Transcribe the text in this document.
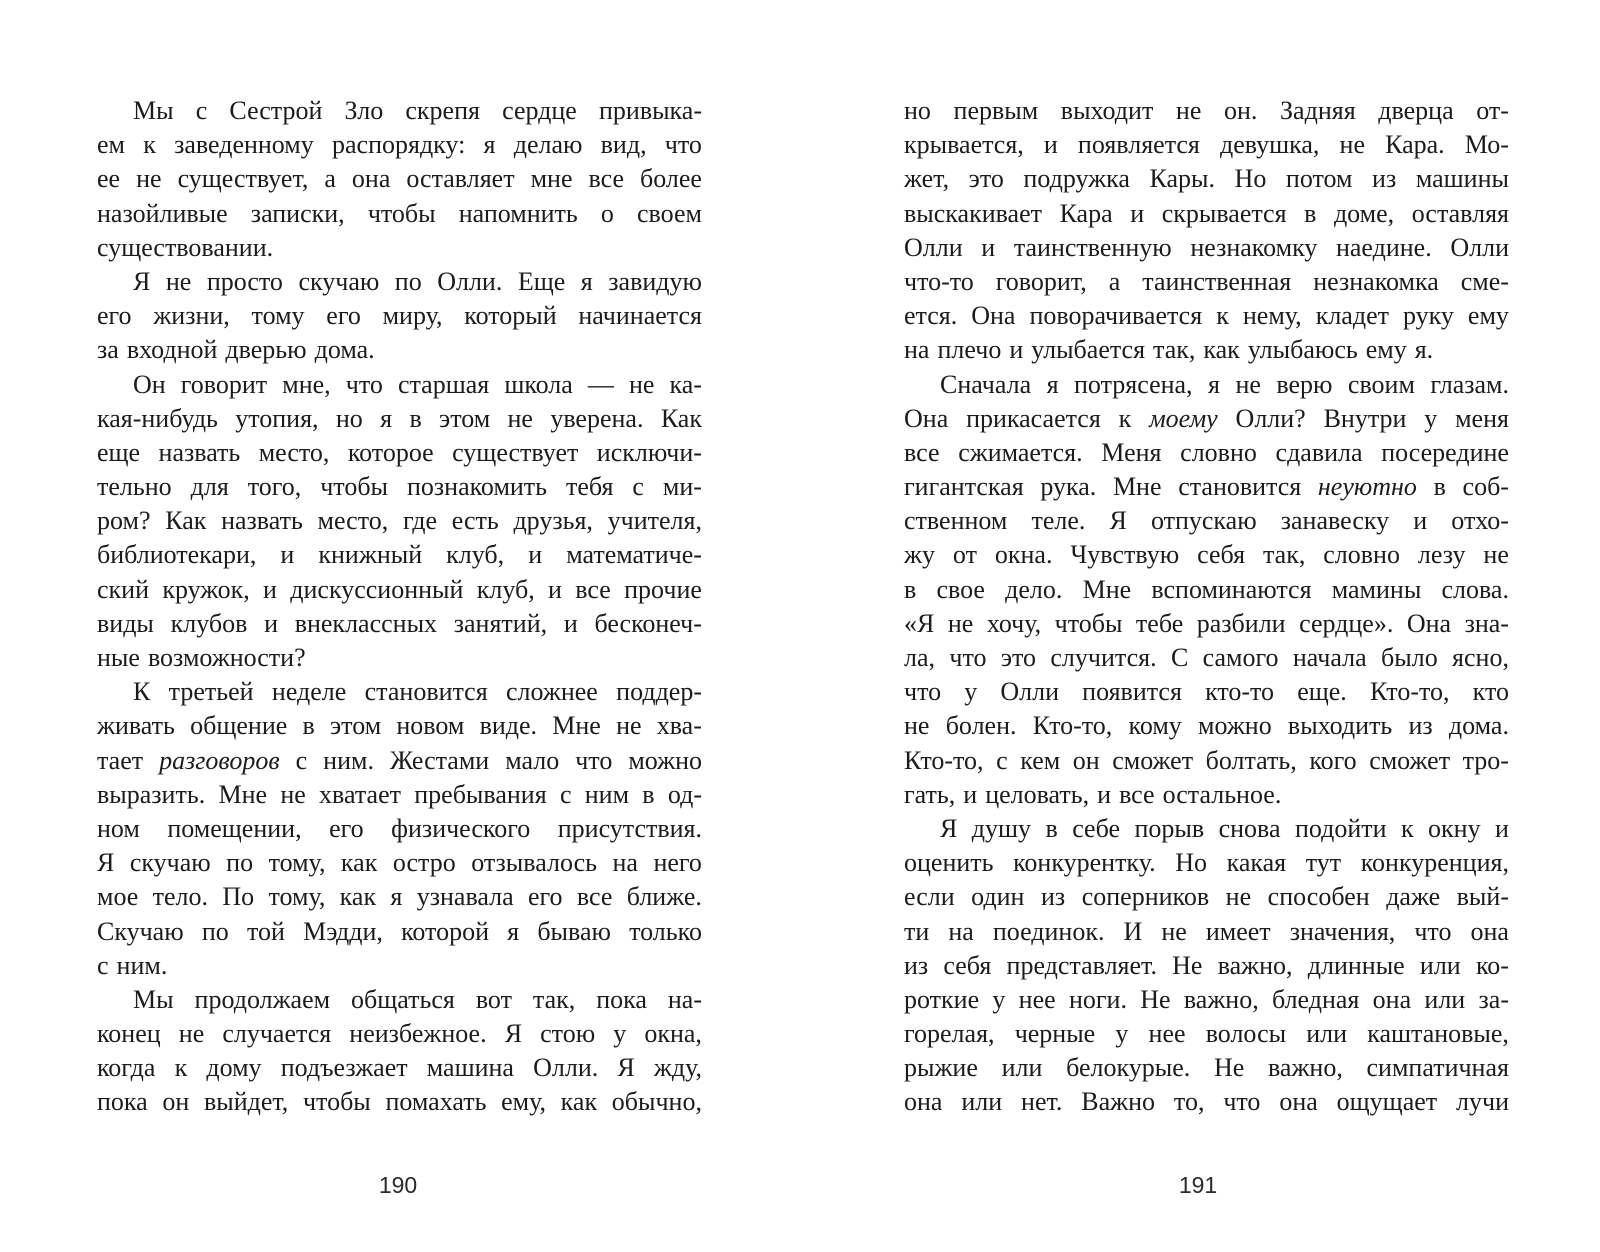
Мы с Сестрой Зло скрепя сердце привыка-
ем к заведенному распорядку: я делаю вид, что
ее не существует, а она оставляет мне все более
назойливые записки, чтобы напомнить о своем
существовании.
Я не просто скучаю по Олли. Еще я завидую
его жизни, тому его миру, который начинается
за входной дверью дома.
Он говорит мне, что старшая школа — не ка-
кая-нибудь утопия, но я в этом не уверена. Как
еще назвать место, которое существует исключи-
тельно для того, чтобы познакомить тебя с ми-
ром? Как назвать место, где есть друзья, учителя,
библиотекари, и книжный клуб, и математиче-
ский кружок, и дискуссионный клуб, и все прочие
виды клубов и внеклассных занятий, и бесконеч-
ные возможности?
К третьей неделе становится сложнее поддер-
живать общение в этом новом виде. Мне не хва-
тает разговоров с ним. Жестами мало что можно
выразить. Мне не хватает пребывания с ним в од-
ном помещении, его физического присутствия.
Я скучаю по тому, как остро отзывалось на него
мое тело. По тому, как я узнавала его все ближе.
Скучаю по той Мэдди, которой я бываю только
с ним.
Мы продолжаем общаться вот так, пока на-
конец не случается неизбежное. Я стою у окна,
когда к дому подъезжает машина Олли. Я жду,
пока он выйдет, чтобы помахать ему, как обычно,
190
но первым выходит не он. Задняя дверца от-
крывается, и появляется девушка, не Кара. Мо-
жет, это подружка Кары. Но потом из машины
выскакивает Кара и скрывается в доме, оставляя
Олли и таинственную незнакомку наедине. Олли
что-то говорит, а таинственная незнакомка сме-
ется. Она поворачивается к нему, кладет руку ему
на плечо и улыбается так, как улыбаюсь ему я.
Сначала я потрясена, я не верю своим глазам.
Она прикасается к моему Олли? Внутри у меня
все сжимается. Меня словно сдавила посередине
гигантская рука. Мне становится неуютно в соб-
ственном теле. Я отпускаю занавеску и отхо-
жу от окна. Чувствую себя так, словно лезу не
в свое дело. Мне вспоминаются мамины слова.
«Я не хочу, чтобы тебе разбили сердце». Она зна-
ла, что это случится. С самого начала было ясно,
что у Олли появится кто-то еще. Кто-то, кто
не болен. Кто-то, кому можно выходить из дома.
Кто-то, с кем он сможет болтать, кого сможет тро-
гать, и целовать, и все остальное.
Я душу в себе порыв снова подойти к окну и
оценить конкурентку. Но какая тут конкуренция,
если один из соперников не способен даже вый-
ти на поединок. И не имеет значения, что она
из себя представляет. Не важно, длинные или ко-
роткие у нее ноги. Не важно, бледная она или за-
горелая, черные у нее волосы или каштановые,
рыжие или белокурые. Не важно, симпатичная
она или нет. Важно то, что она ощущает лучи
191
